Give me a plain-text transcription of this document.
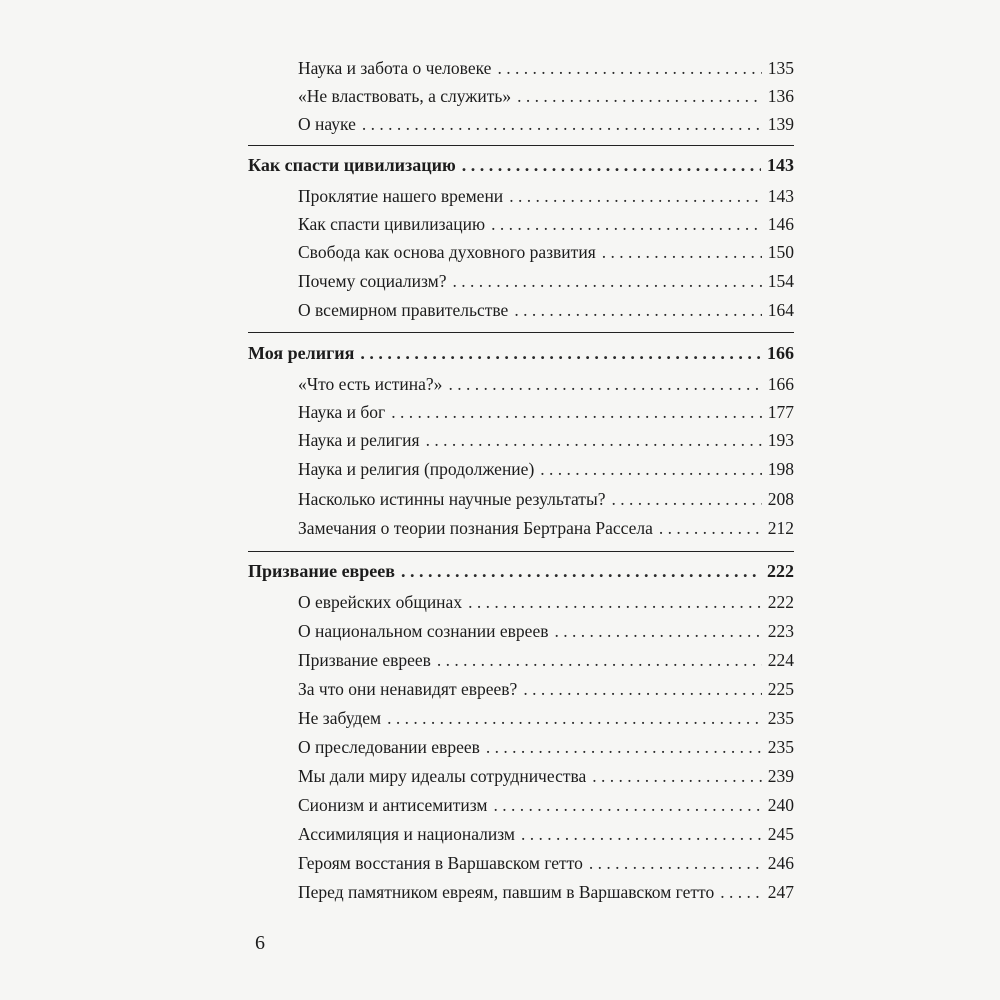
Наука и забота о человеке . . .	135
«Не властвовать, а служить» . . .	136
О науке . . .	139
Как спасти цивилизацию . . .	143
Проклятие нашего времени . . .	143
Как спасти цивилизацию . . .	146
Свобода как основа духовного развития . . .	150
Почему социализм? . . .	154
О всемирном правительстве . . .	164
Моя религия . . .	166
«Что есть истина?» . . .	166
Наука и бог . . .	177
Наука и религия . . .	193
Наука и религия (продолжение) . . .	198
Насколько истинны научные результаты? . . .	208
Замечания о теории познания Бертрана Рассела . . .	212
Призвание евреев . . .	222
О еврейских общинах . . .	222
О национальном сознании евреев . . .	223
Призвание евреев . . .	224
За что они ненавидят евреев? . . .	225
Не забудем . . .	235
О преследовании евреев . . .	235
Мы дали миру идеалы сотрудничества . . .	239
Сионизм и антисемитизм . . .	240
Ассимиляция и национализм . . .	245
Героям восстания в Варшавском гетто . . .	246
Перед памятником евреям, павшим в Варшавском гетто . . .	247
6
